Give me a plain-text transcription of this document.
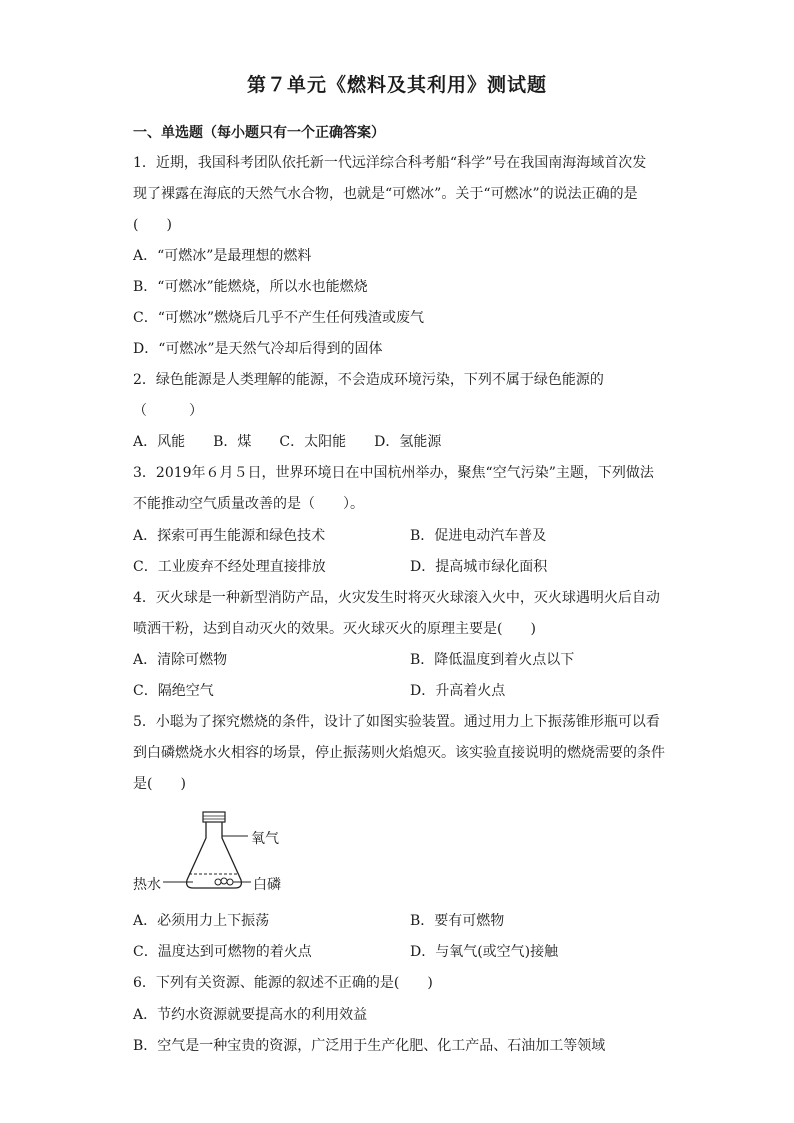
第７单元《燃料及其利用》测试题
一、单选题（每小题只有一个正确答案）
1．近期，我国科考团队依托新一代远洋综合科考船“科学”号在我国南海海域首次发
现了裸露在海底的天然气水合物，也就是“可燃冰”。关于“可燃冰”的说法正确的是
(　　)
A．“可燃冰”是最理想的燃料
B．“可燃冰”能燃烧，所以水也能燃烧
C．“可燃冰”燃烧后几乎不产生任何残渣或废气
D．“可燃冰”是天然气冷却后得到的固体
2．绿色能源是人类理解的能源，不会造成环境污染，下列不属于绿色能源的
（　　　）
A．风能　　B．煤　　C．太阳能　　D．氢能源
3．2019年６月５日，世界环境日在中国杭州举办，聚焦“空气污染”主题，下列做法
不能推动空气质量改善的是（　　）。
A．探索可再生能源和绿色技术	B．促进电动汽车普及
C．工业废弃不经处理直接排放	D．提高城市绿化面积
4．灭火球是一种新型消防产品，火灾发生时将灭火球滚入火中，灭火球遇明火后自动
喷洒干粉，达到自动灭火的效果。灭火球灭火的原理主要是(　　)
A．清除可燃物	B．降低温度到着火点以下
C．隔绝空气	D．升高着火点
5．小聪为了探究燃烧的条件，设计了如图实验装置。通过用力上下振荡锥形瓶可以看
到白磷燃烧水火相容的场景，停止振荡则火焰熄灭。该实验直接说明的燃烧需要的条件
是(　　)
氧气
热水	白磷
A．必须用力上下振荡	B．要有可燃物
C．温度达到可燃物的着火点	D．与氧气(或空气)接触
6．下列有关资源、能源的叙述不正确的是(　　)
A．节约水资源就要提高水的利用效益
B．空气是一种宝贵的资源，广泛用于生产化肥、化工产品、石油加工等领域
